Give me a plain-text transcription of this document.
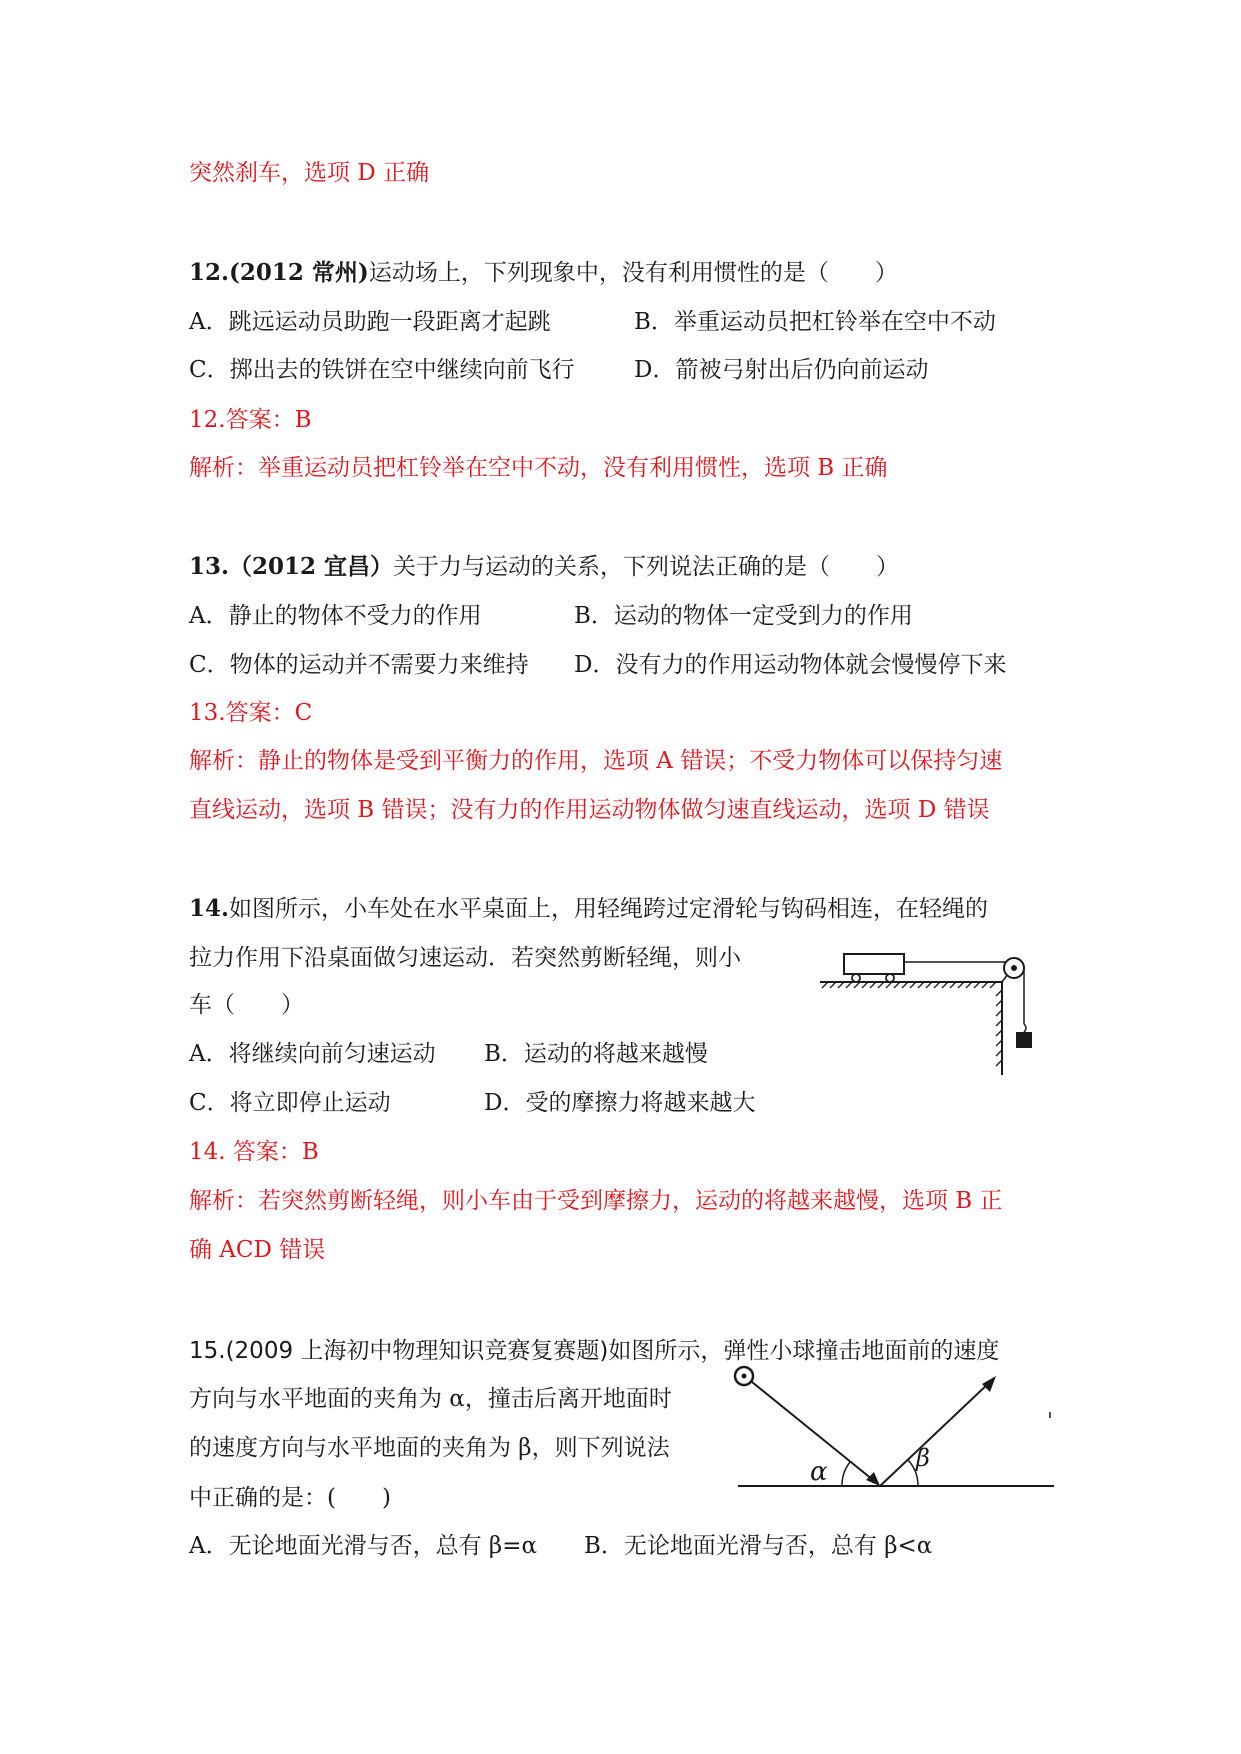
突然刹车，选项 D 正确
12.(2012 常州)运动场上，下列现象中，没有利用惯性的是（　　）
A．跳远运动员助跑一段距离才起跳	B．举重运动员把杠铃举在空中不动
C．掷出去的铁饼在空中继续向前飞行	D．箭被弓射出后仍向前运动
12.答案：B
解析：举重运动员把杠铃举在空中不动，没有利用惯性，选项 B 正确
13.（2012 宜昌）关于力与运动的关系，下列说法正确的是（　　）
A．静止的物体不受力的作用	B．运动的物体一定受到力的作用
C．物体的运动并不需要力来维持 D．没有力的作用运动物体就会慢慢停下来
13.答案：C
解析：静止的物体是受到平衡力的作用，选项 A 错误；不受力物体可以保持匀速
直线运动，选项 B 错误；没有力的作用运动物体做匀速直线运动，选项 D 错误
14.如图所示，小车处在水平桌面上，用轻绳跨过定滑轮与钩码相连，在轻绳的
拉力作用下沿桌面做匀速运动．若突然剪断轻绳，则小
车（　　）
A．将继续向前匀速运动 B．运动的将越来越慢
C．将立即停止运动	D．受的摩擦力将越来越大
14. 答案：B
解析：若突然剪断轻绳，则小车由于受到摩擦力，运动的将越来越慢，选项 B 正
确 ACD 错误
15.(2009 上海初中物理知识竞赛复赛题)如图所示，弹性小球撞击地面前的速度
方向与水平地面的夹角为 α，撞击后离开地面时
的速度方向与水平地面的夹角为 β，则下列说法
中正确的是：(　　)
A．无论地面光滑与否，总有 β=α B．无论地面光滑与否，总有 β<α
α	β
